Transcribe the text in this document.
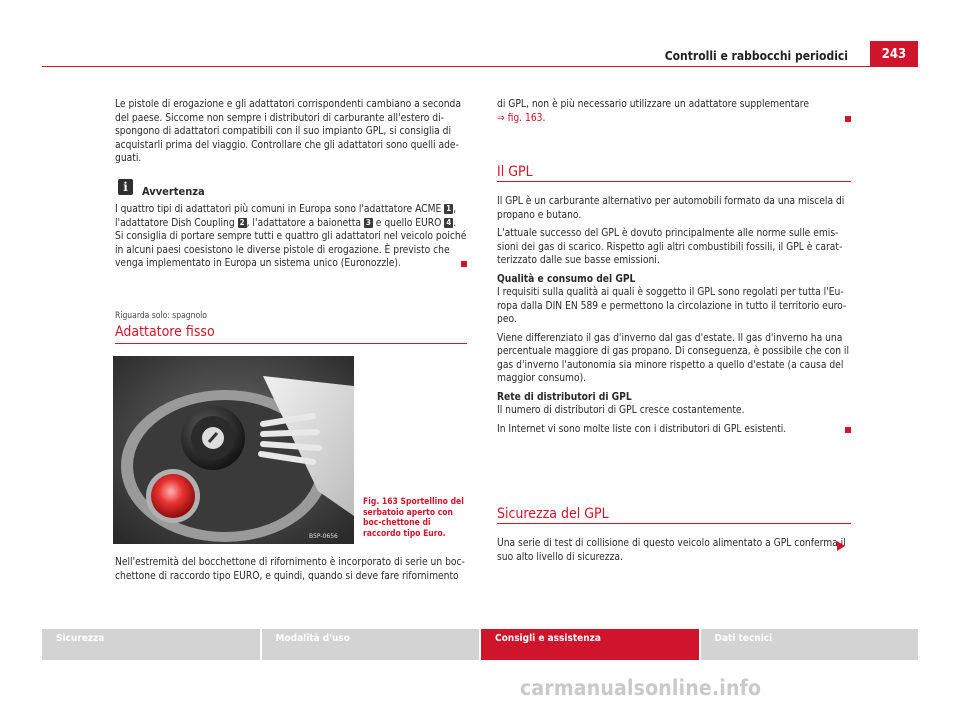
Controlli e rabbocchi periodici	243

Le pistole di erogazione e gli adattatori corrispondenti cambiano a seconda del paese. Siccome non sempre i distributori di carburante all'estero di-spongono di adattatori compatibili con il suo impianto GPL, si consiglia di acquistarli prima del viaggio. Controllare che gli adattatori sono quelli ade-guati.

i	Avvertenza

I quattro tipi di adattatori più comuni in Europa sono l'adattatore ACME 1 , l'adattatore Dish Coupling 2 , l'adattatore a baionetta 3 e quello EURO 4 . Si consiglia di portare sempre tutti e quattro gli adattatori nel veicolo poiché in alcuni paesi coesistono le diverse pistole di erogazione. È previsto che venga implementato in Europa un sistema unico (Euronozzle).

Riguarda solo: spagnolo
Adattatore fisso
B5P-0656
Fig. 163 Sportellino del serbatoio aperto con boc-chettone di raccordo tipo Euro.

Nell'estremità del bocchettone di rifornimento è incorporato di serie un boc-chettone di raccordo tipo EURO, e quindi, quando si deve fare rifornimento

di GPL, non è più necessario utilizzare un adattatore supplementare
⇒ fig. 163.

Il GPL

Il GPL è un carburante alternativo per automobili formato da una miscela di propano e butano.

L'attuale successo del GPL è dovuto principalmente alle norme sulle emis-sioni dei gas di scarico. Rispetto agli altri combustibili fossili, il GPL è carat-terizzato dalle sue basse emissioni.

Qualità e consumo del GPL

I requisiti sulla qualità ai quali è soggetto il GPL sono regolati per tutta l'Eu-ropa dalla DIN EN 589 e permettono la circolazione in tutto il territorio euro-peo.

Viene differenziato il gas d'inverno dal gas d'estate. Il gas d'inverno ha una percentuale maggiore di gas propano. Di conseguenza, è possibile che con il gas d'inverno l'autonomia sia minore rispetto a quello d'estate (a causa del maggior consumo).

Rete di distributori di GPL

Il numero di distributori di GPL cresce costantemente.

In Internet vi sono molte liste con i distributori di GPL esistenti.

Sicurezza del GPL

Una serie di test di collisione di questo veicolo alimentato a GPL conferma il suo alto livello di sicurezza.

Sicurezza	Modalità d'uso	Consigli e assistenza	Dati tecnici
carmanualsonline.info
